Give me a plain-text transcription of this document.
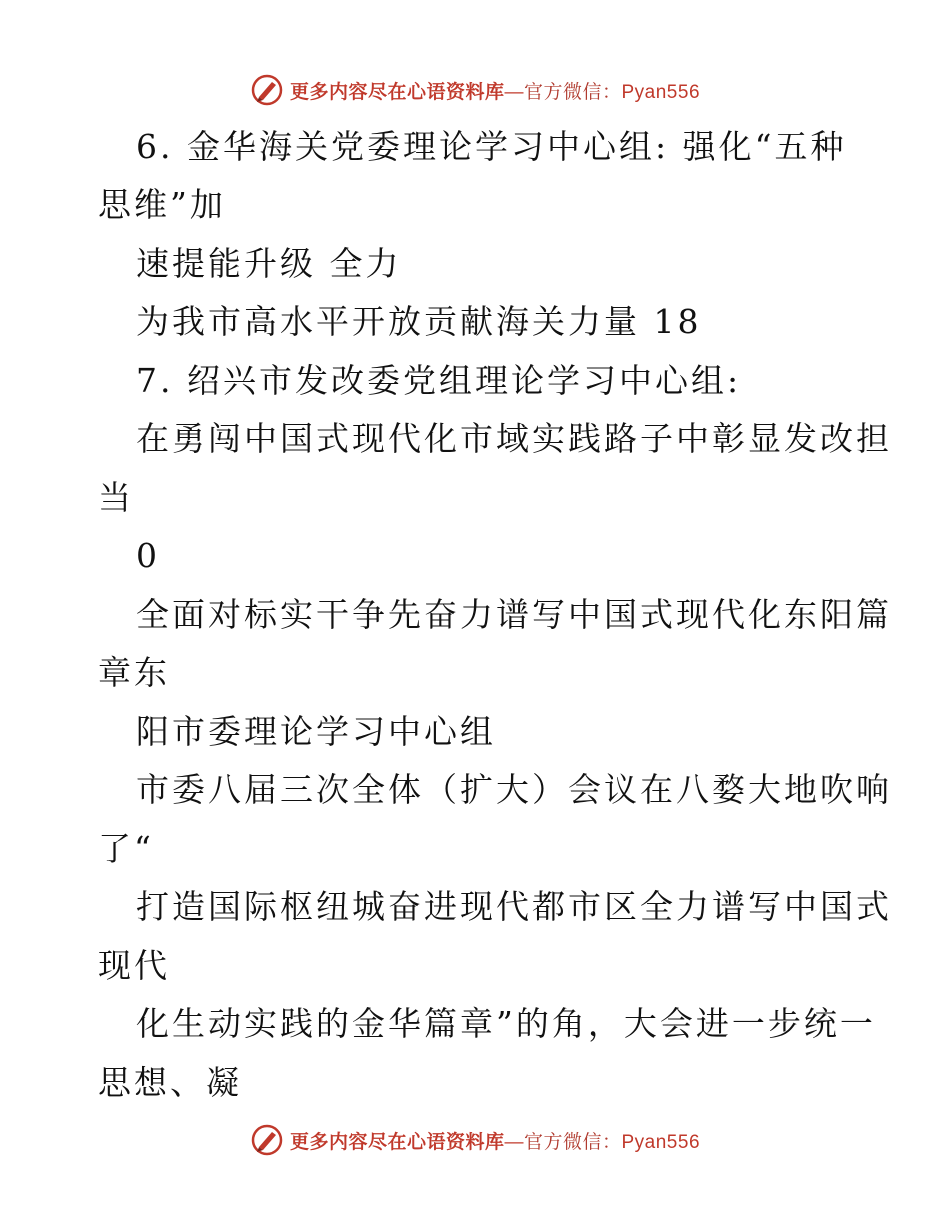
更多内容尽在心语资料库—官方微信：Pyan556
6. 金华海关党委理论学习中心组: 强化“五种
思维”加
速提能升级 全力
为我市高水平开放贡献海关力量 18
7. 绍兴市发改委党组理论学习中心组:
在勇闯中国式现代化市域实践路子中彰显发改担
当
0
全面对标实干争先奋力谱写中国式现代化东阳篇
章东
阳市委理论学习中心组
市委八届三次全体（扩大）会议在八婺大地吹响
了“
打造国际枢纽城奋进现代都市区全力谱写中国式
现代
化生动实践的金华篇章”的角，大会进一步统一
思想、凝
更多内容尽在心语资料库—官方微信：Pyan556
